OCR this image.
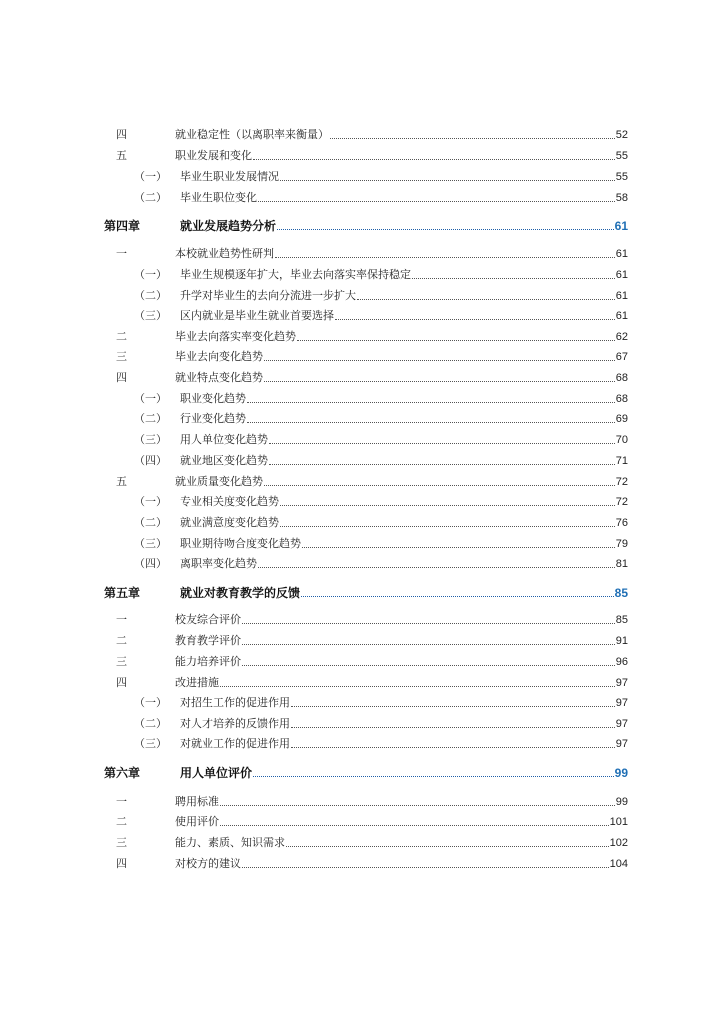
四	就业稳定性（以离职率来衡量）	52
五	职业发展和变化	55
（一）	毕业生职业发展情况	55
（二）	毕业生职位变化	58
第四章	就业发展趋势分析	61
一	本校就业趋势性研判	61
（一）	毕业生规模逐年扩大，毕业去向落实率保持稳定	61
（二）	升学对毕业生的去向分流进一步扩大	61
（三）	区内就业是毕业生就业首要选择	61
二	毕业去向落实率变化趋势	62
三	毕业去向变化趋势	67
四	就业特点变化趋势	68
（一）	职业变化趋势	68
（二）	行业变化趋势	69
（三）	用人单位变化趋势	70
（四）	就业地区变化趋势	71
五	就业质量变化趋势	72
（一）	专业相关度变化趋势	72
（二）	就业满意度变化趋势	76
（三）	职业期待吻合度变化趋势	79
（四）	离职率变化趋势	81
第五章	就业对教育教学的反馈	85
一	校友综合评价	85
二	教育教学评价	91
三	能力培养评价	96
四	改进措施	97
（一）	对招生工作的促进作用	97
（二）	对人才培养的反馈作用	97
（三）	对就业工作的促进作用	97
第六章	用人单位评价	99
一	聘用标准	99
二	使用评价	101
三	能力、素质、知识需求	102
四	对校方的建议	104
